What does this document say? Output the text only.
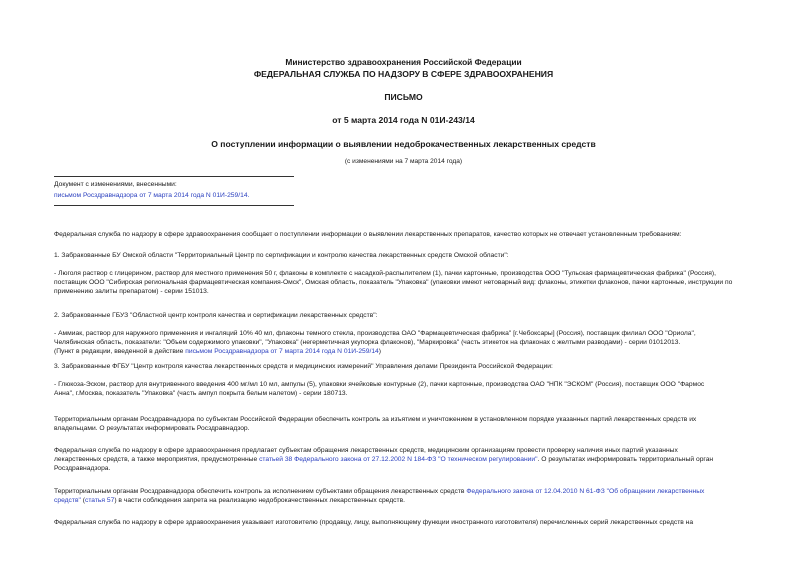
Министерство здравоохранения Российской Федерации
ФЕДЕРАЛЬНАЯ СЛУЖБА ПО НАДЗОРУ В СФЕРЕ ЗДРАВООХРАНЕНИЯ
ПИСЬМО
от 5 марта 2014 года N 01И-243/14
О поступлении информации о выявлении недоброкачественных лекарственных средств
(с изменениями на 7 марта 2014 года)
Документ с изменениями, внесенными:
письмом Росздравнадзора от 7 марта 2014 года N 01И-259/14.
Федеральная служба по надзору в сфере здравоохранения сообщает о поступлении информации о выявлении лекарственных препаратов, качество которых не отвечает установленным требованиям:
1. Забракованные БУ Омской области "Территориальный Центр по сертификации и контролю качества лекарственных средств Омской области":
- Люголя раствор с глицерином, раствор для местного применения 50 г, флаконы в комплекте с насадкой-распылителем (1), пачки картонные, производства ООО "Тульская фармацевтическая фабрика" (Россия),
поставщик ООО "Сибирская региональная фармацевтическая компания-Омск", Омская область, показатель "Упаковка" (упаковки имеют нетоварный вид: флаконы, этикетки флаконов, пачки картонные, инструкции по
применению залиты препаратом) - серии 151013.
2. Забракованные ГБУЗ "Областной центр контроля качества и сертификации лекарственных средств":
- Аммиак, раствор для наружного применения и ингаляций 10% 40 мл, флаконы темного стекла, производства ОАО "Фармацевтическая фабрика" [г.Чебоксары] (Россия), поставщик филиал ООО "Ориола",
Челябинская область, показатели: "Объем содержимого упаковки", "Упаковка" (негерметичная укупорка флаконов), "Маркировка" (часть этикеток на флаконах с желтыми разводами) - серии 01012013.
(Пункт в редакции, введенной в действие письмом Росздравнадзора от 7 марта 2014 года N 01И-259/14)
3. Забракованные ФГБУ "Центр контроля качества лекарственных средств и медицинских измерений" Управления делами Президента Российской Федерации:
- Глюкоза-Эском, раствор для внутривенного введения 400 мг/мл 10 мл, ампулы (5), упаковки ячейковые контурные (2), пачки картонные, производства ОАО "НПК "ЭСКОМ" (Россия), поставщик ООО "Фармос
Анна", г.Москва, показатель "Упаковка" (часть ампул покрыта белым налетом) - серии 180713.
Территориальным органам Росздравнадзора по субъектам Российской Федерации обеспечить контроль за изъятием и уничтожением в установленном порядке указанных партий лекарственных средств их
владельцами. О результатах информировать Росздравнадзор.
Федеральная служба по надзору в сфере здравоохранения предлагает субъектам обращения лекарственных средств, медицинским организациям провести проверку наличия иных партий указанных
лекарственных средств, а также мероприятия, предусмотренные статьей 38 Федерального закона от 27.12.2002 N 184-ФЗ "О техническом регулировании". О результатах информировать территориальный орган
Росздравнадзора.
Территориальным органам Росздравнадзора обеспечить контроль за исполнением субъектами обращения лекарственных средств Федерального закона от 12.04.2010 N 61-ФЗ "Об обращении лекарственных
средств" (статья 57) в части соблюдения запрета на реализацию недоброкачественных лекарственных средств.
Федеральная служба по надзору в сфере здравоохранения указывает изготовителю (продавцу, лицу, выполняющему функции иностранного изготовителя) перечисленных серий лекарственных средств на
